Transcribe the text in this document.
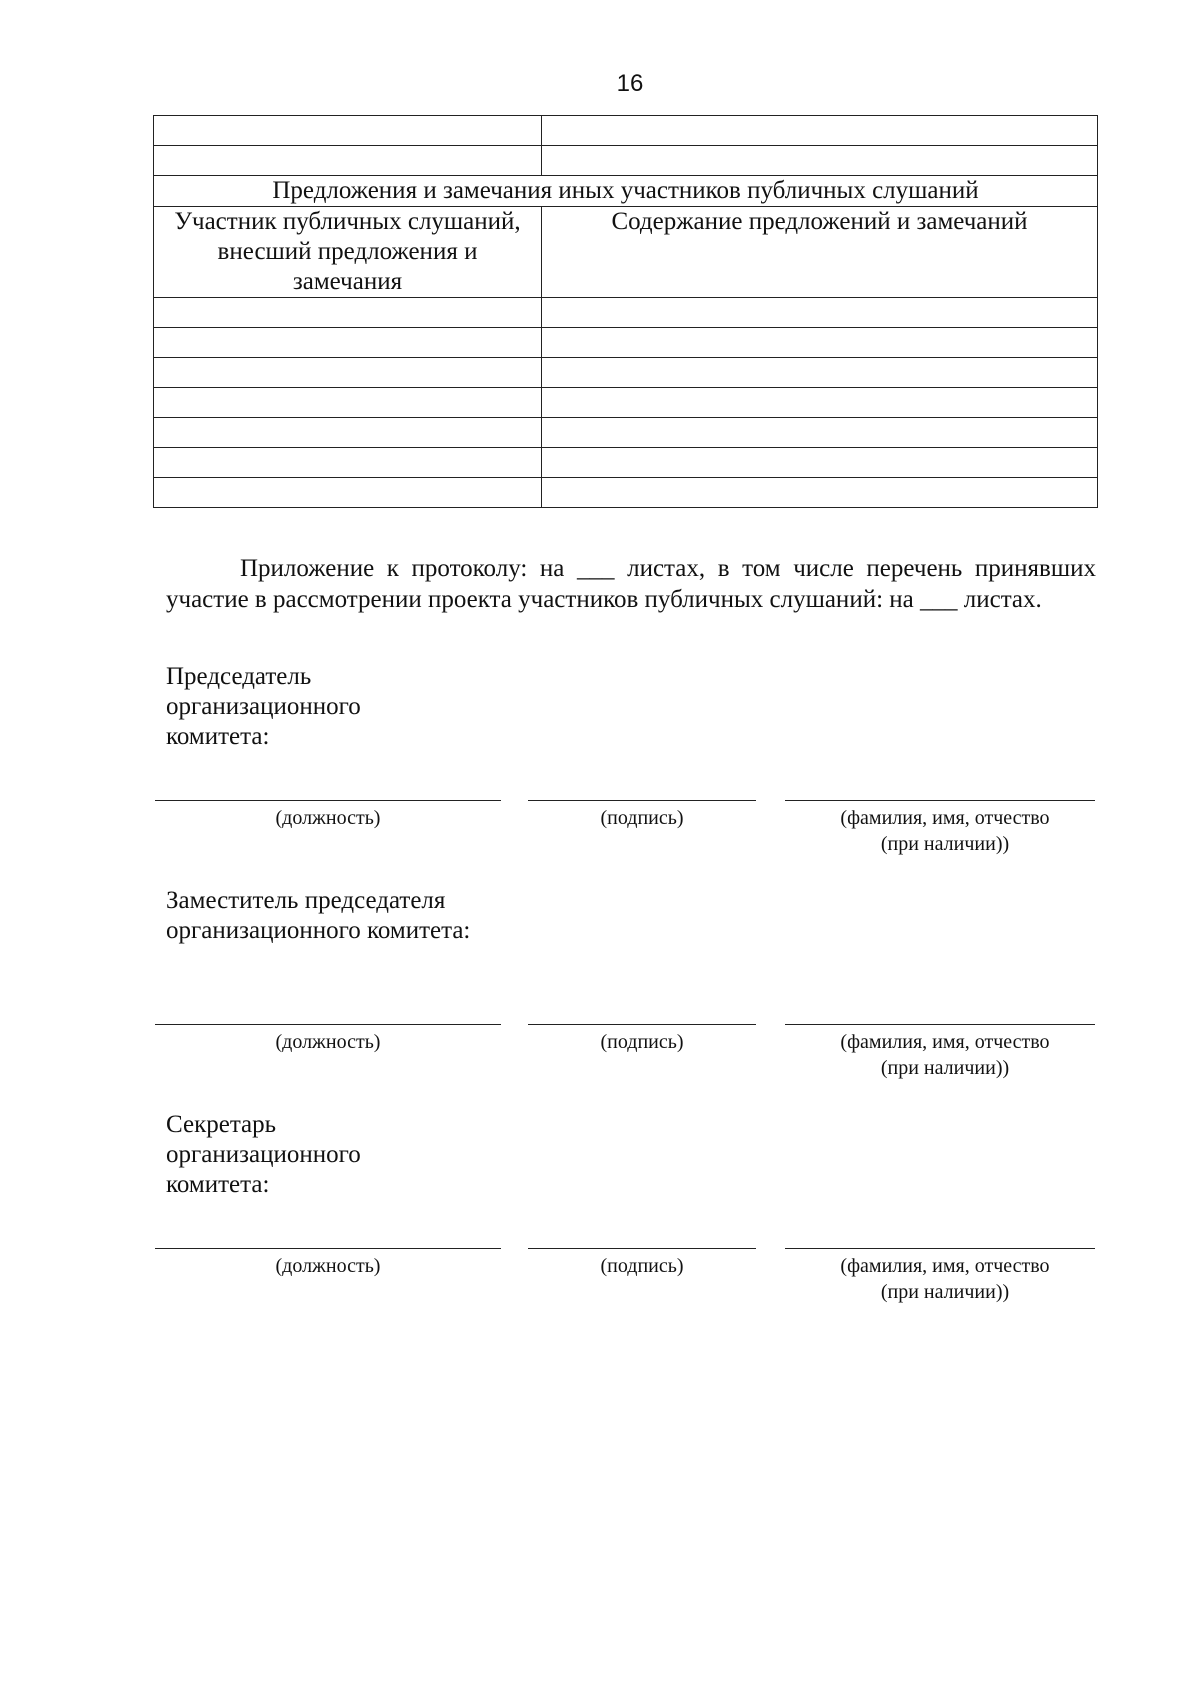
16

Предложения и замечания иных участников публичных слушаний	
Участник публичных слушаний, внесший предложения и замечания	Содержание предложений и замечаний

Приложение к протоколу: на ___ листах, в том числе перечень принявших участие в рассмотрении проекта участников публичных слушаний: на ___ листах.
Председатель организационного комитета:
(должность)	(подпись)	(фамилия, имя, отчество
(при наличии))
Заместитель председателя организационного комитета:
(должность)	(подпись)	(фамилия, имя, отчество
(при наличии))
Секретарь организационного комитета:
(должность)	(подпись)	(фамилия, имя, отчество
(при наличии))
